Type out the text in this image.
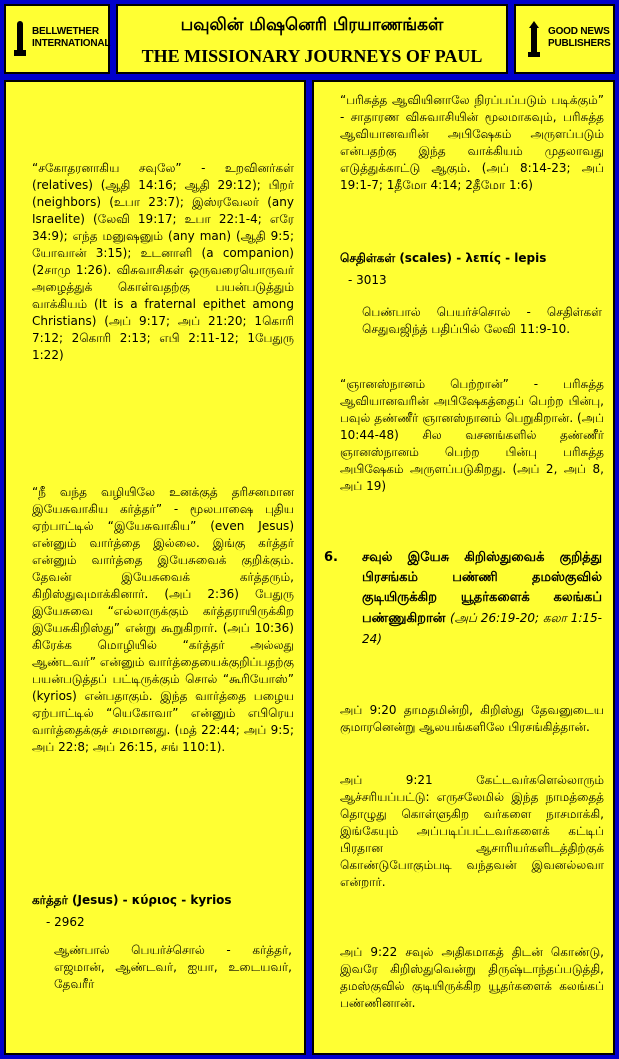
BELLWETHER
INTERNATIONAL
பவுலின் மிஷனெரி பிரயாணங்கள்
THE MISSIONARY JOURNEYS OF PAUL
GOOD NEWS
PUBLISHERS
“சகோதரனாகிய சவுலே” - உறவினர்கள் (relatives) (ஆதி 14:16; ஆதி 29:12); பிறர் (neighbors) (உபா 23:7); இஸ்ரவேலர் (any Israelite) (லேவி 19:17; உபா 22:1-4; எரே 34:9); எந்த மனுஷனும் (any man) (ஆதி 9:5; யோவான் 3:15); உடனாளி (a companion) (2சாமு 1:26). விசுவாசிகள் ஒருவரையொருவர் அழைத்துக் கொள்வதற்கு பயன்படுத்தும் வாக்கியம் (It is a fraternal epithet among Christians) (அப் 9:17; அப் 21:20; 1கொரி 7:12; 2கொரி 2:13; எபி 2:11-12; 1பேதுரு 1:22)
“நீ வந்த வழியிலே உனக்குத் தரிசனமான இயேசுவாகிய கர்த்தர்” - மூலபாஷை புதிய ஏற்பாட்டில் “இயேசுவாகிய” (even Jesus) என்னும் வார்த்தை இல்லை. இங்கு கர்த்தர் என்னும் வார்த்தை இயேசுவைக் குறிக்கும். தேவன் இயேசுவைக் கர்த்தரும், கிறிஸ்துவுமாக்கினார். (அப் 2:36) பேதுரு இயேசுவை “எல்லாருக்கும் கர்த்தராயிருக்கிற இயேசுகிறிஸ்து” என்று கூறுகிறார். (அப் 10:36) கிரேக்க மொழியில் “கர்த்தர் அல்லது ஆண்டவர்” என்னும் வார்த்தையைக்குறிப்பதற்கு பயன்படுத்தப் பட்டிருக்கும் சொல் “கூரியோஸ்” (kyrios) என்பதாகும். இந்த வார்த்தை பழைய ஏற்பாட்டில் “யெகோவா” என்னும் எபிரெய வார்த்தைக்குச் சமமானது. (மத் 22:44; அப் 9:5; அப் 22:8; அப் 26:15, சங் 110:1).
கர்த்தர் (Jesus) - κύριος - kyrios
- 2962
ஆண்பால் பெயர்ச்சொல் - கர்த்தர், எஜமான், ஆண்டவர், ஐயா, உடையவர், தேவரீர்
“பரிசுத்த ஆவியினாலே நிரப்பப்படும் படிக்கும்” - சாதாரண விசுவாசியின் மூலமாகவும், பரிசுத்த ஆவியானவரின் அபிஷேகம் அருளப்படும் என்பதற்கு இந்த வாக்கியம் முதலாவது எடுத்துக்காட்டு ஆகும். (அப் 8:14-23; அப் 19:1-7; 1தீமோ 4:14; 2தீமோ 1:6)
செதிள்கள் (scales) - λεπίς - lepis
- 3013
பெண்பால் பெயர்ச்சொல் - செதிள்கள் செதுவஜிந்த் பதிப்பில் லேவி 11:9-10.
“ஞானஸ்நானம் பெற்றான்” - பரிசுத்த ஆவியானவரின் அபிஷேகத்தைப் பெற்ற பின்பு, பவுல் தண்ணீர் ஞானஸ்நானம் பெறுகிறான். (அப் 10:44-48) சில வசனங்களில் தண்ணீர் ஞானஸ்நானம் பெற்ற பின்பு பரிசுத்த அபிஷேகம் அருளப்படுகிறது. (அப் 2, அப் 8, அப் 19)
6. சவுல் இயேசு கிறிஸ்துவைக் குறித்து பிரசங்கம் பண்ணி தமஸ்குவில் குடியிருக்கிற யூதர்களைக் கலங்கப் பண்ணுகிறான் (அப் 26:19-20; கலா 1:15-24)
அப் 9:20 தாமதமின்றி, கிறிஸ்து தேவனுடைய குமாரனென்று ஆலயங்களிலே பிரசங்கித்தான்.
அப் 9:21 கேட்டவர்களெல்லாரும் ஆச்சரியப்பட்டு: எருசலேமில் இந்த நாமத்தைத் தொழுது கொள்ளுகிற வர்களை நாசமாக்கி, இங்கேயும் அப்படிப்பட்டவர்களைக் கட்டிப் பிரதான ஆசாரியர்களிடத்திற்குக் கொண்டுபோகும்படி வந்தவன் இவனல்லவா என்றார்.
அப் 9:22 சவுல் அதிகமாகத் திடன் கொண்டு, இவரே கிறிஸ்துவென்று திருஷ்டாந்தப்படுத்தி, தமஸ்குவில் குடியிருக்கிற யூதர்களைக் கலங்கப் பண்ணினான்.
